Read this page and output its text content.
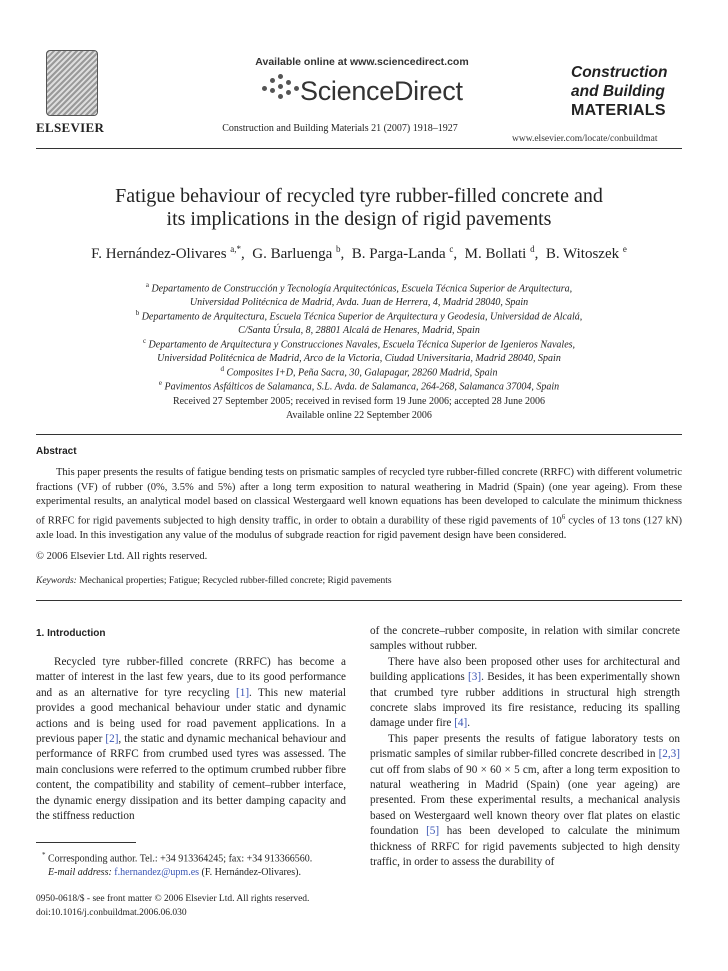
ELSEVIER
Available online at www.sciencedirect.com
ScienceDirect
Construction and Building Materials 21 (2007) 1918–1927
Construction
and Building
MATERIALS
www.elsevier.com/locate/conbuildmat
Fatigue behaviour of recycled tyre rubber-filled concrete and
its implications in the design of rigid pavements
F. Hernández-Olivares $^{a,*}$,  G. Barluenga $^b$,  B. Parga-Landa $^c$,  M. Bollati $^d$,  B. Witoszek $^e$
$^a$ Departamento de Construcción y Tecnología Arquitectónicas, Escuela Técnica Superior de Arquitectura,
Universidad Politécnica de Madrid, Avda. Juan de Herrera, 4, Madrid 28040, Spain
$^b$ Departamento de Arquitectura, Escuela Técnica Superior de Arquitectura y Geodesia, Universidad de Alcalá,
C/Santa Úrsula, 8, 28801 Alcalá de Henares, Madrid, Spain
$^c$ Departamento de Arquitectura y Construcciones Navales, Escuela Técnica Superior de Igenieros Navales,
Universidad Politécnica de Madrid, Arco de la Victoria, Ciudad Universitaria, Madrid 28040, Spain
$^d$ Composites I+D, Peña Sacra, 30, Galapagar, 28260 Madrid, Spain
$^e$ Pavimentos Asfálticos de Salamanca, S.L. Avda. de Salamanca, 264-268, Salamanca 37004, Spain
Received 27 September 2005; received in revised form 19 June 2006; accepted 28 June 2006
Available online 22 September 2006
Abstract
This paper presents the results of fatigue bending tests on prismatic samples of recycled tyre rubber-filled concrete (RRFC) with different volumetric fractions (VF) of rubber (0%, 3.5% and 5%) after a long term exposition to natural weathering in Madrid (Spain) (one year ageing). From these experimental results, an analytical model based on classical Westergaard well known equations has been developed to calculate the minimum thickness of RRFC for rigid pavements subjected to high density traffic, in order to obtain a durability of these rigid pavements of $10^6$ cycles of 13 tons (127 kN) axle load. In this investigation any value of the modulus of subgrade reaction for rigid pavement design have been considered.
© 2006 Elsevier Ltd. All rights reserved.
Keywords: Mechanical properties; Fatigue; Recycled rubber-filled concrete; Rigid pavements
1. Introduction

Recycled tyre rubber-filled concrete (RRFC) has become a matter of interest in the last few years, due to its good performance and as an alternative for tyre recycling [1]. This new material provides a good mechanical behaviour under static and dynamic actions and is being used for road pavement applications. In a previous paper [2], the static and dynamic mechanical behaviour and performance of RRFC from crumbed used tyres was assessed. The main conclusions were referred to the optimum crumbed rubber fibre content, the compatibility and stability of cement–rubber interface, the dynamic energy dissipation and its better damping capacity and the stiffness reduction

of the concrete–rubber composite, in relation with similar concrete samples without rubber.

There have also been proposed other uses for architectural and building applications [3]. Besides, it has been experimentally shown that crumbed tyre rubber additions in structural high strength concrete slabs improved its fire resistance, reducing its spalling damage under fire [4].

This paper presents the results of fatigue laboratory tests on prismatic samples of similar rubber-filled concrete described in [2,3] cut off from slabs of 90 × 60 × 5 cm, after a long term exposition to natural weathering in Madrid (Spain) (one year ageing) are presented. From these experimental results, a mechanical analysis based on Westergaard well known theory over flat plates on elastic foundation [5] has been developed to calculate the minimum thickness of RRFC for rigid pavements subjected to high density traffic, in order to assess the durability of

* Corresponding author. Tel.: +34 913364245; fax: +34 913366560.
E-mail address: f.hernandez@upm.es (F. Hernández-Olivares).
0950-0618/$ - see front matter © 2006 Elsevier Ltd. All rights reserved.
doi:10.1016/j.conbuildmat.2006.06.030
